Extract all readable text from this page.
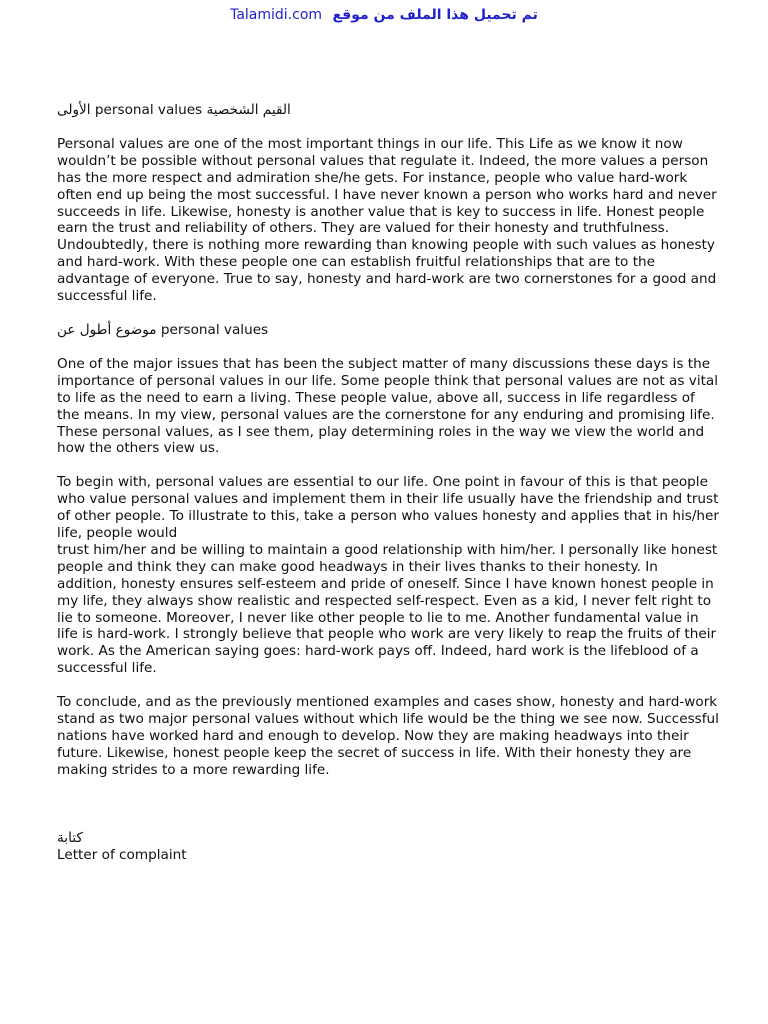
Talamidi.com تم تحميل هذا الملف من موقع

الأولى personal values القيم الشخصية

Personal values are one of the most important things in our life. This Life as we know it now wouldn’t be possible without personal values that regulate it. Indeed, the more values a person has the more respect and admiration she/he gets. For instance, people who value hard-work often end up being the most successful. I have never known a person who works hard and never succeeds in life. Likewise, honesty is another value that is key to success in life. Honest people earn the trust and reliability of others. They are valued for their honesty and truthfulness. Undoubtedly, there is nothing more rewarding than knowing people with such values as honesty and hard-work. With these people one can establish fruitful relationships that are to the advantage of everyone. True to say, honesty and hard-work are two cornerstones for a good and successful life.

موضوع أطول عن personal values

One of the major issues that has been the subject matter of many discussions these days is the importance of personal values in our life. Some people think that personal values are not as vital to life as the need to earn a living. These people value, above all, success in life regardless of the means. In my view, personal values are the cornerstone for any enduring and promising life. These personal values, as I see them, play determining roles in the way we view the world and how the others view us.

To begin with, personal values are essential to our life. One point in favour of this is that people who value personal values and implement them in their life usually have the friendship and trust of other people. To illustrate to this, take a person who values honesty and applies that in his/her life, people would

trust him/her and be willing to maintain a good relationship with him/her. I personally like honest people and think they can make good headways in their lives thanks to their honesty. In addition, honesty ensures self-esteem and pride of oneself. Since I have known honest people in my life, they always show realistic and respected self-respect. Even as a kid, I never felt right to lie to someone. Moreover, I never like other people to lie to me. Another fundamental value in life is hard-work. I strongly believe that people who work are very likely to reap the fruits of their work. As the American saying goes: hard-work pays off. Indeed, hard work is the lifeblood of a successful life.

To conclude, and as the previously mentioned examples and cases show, honesty and hard-work stand as two major personal values without which life would be the thing we see now. Successful nations have worked hard and enough to develop. Now they are making headways into their future. Likewise, honest people keep the secret of success in life. With their honesty they are making strides to a more rewarding life.

كتابة

Letter of complaint
